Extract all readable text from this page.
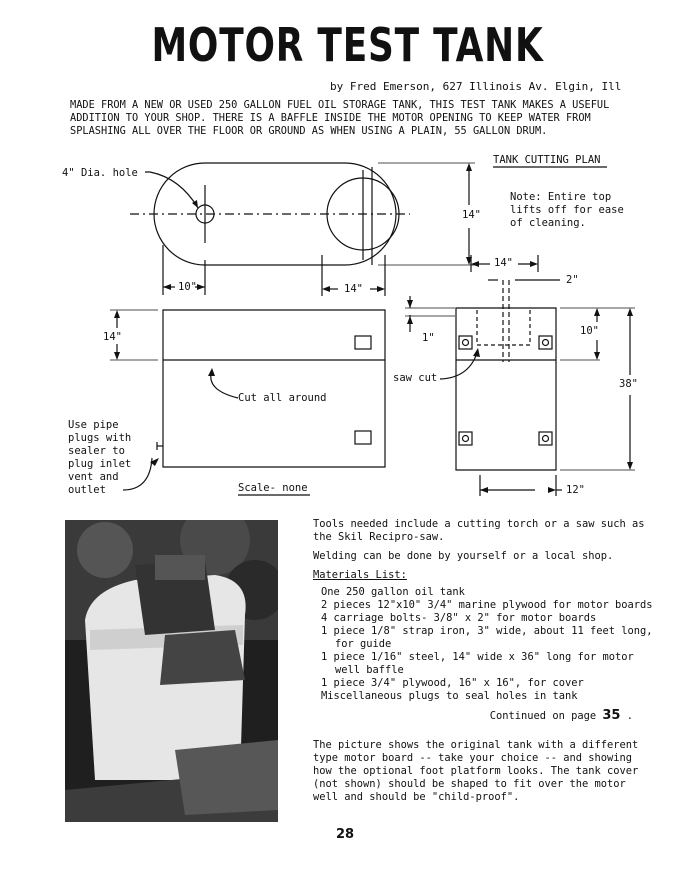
MOTOR TEST TANK
by Fred Emerson, 627 Illinois Av. Elgin, Ill
MADE FROM A NEW OR USED 250 GALLON FUEL OIL STORAGE TANK, THIS TEST TANK MAKES A USEFUL
ADDITION TO YOUR SHOP. THERE IS A BAFFLE INSIDE THE MOTOR OPENING TO KEEP WATER FROM
SPLASHING ALL OVER THE FLOOR OR GROUND AS WHEN USING A PLAIN, 55 GALLON DRUM.
TANK CUTTING PLAN
4" Dia. hole
14"
Note: Entire top
lifts off for ease
of cleaning.
10"	14"
14"
2"
1"
10"
38"
12"
14"
saw cut
Cut all around
Use pipe
plugs with
sealer to
plug inlet
vent and
outlet	Scale- none

Tools needed include a cutting torch or a saw such as the Skil Recipro-saw.

Welding can be done by yourself or a local shop.

Materials List:
One 250 gallon oil tank
2 pieces 12"x10" 3/4" marine plywood for motor boards
4 carriage bolts- 3/8" x 2" for motor boards
1 piece 1/8" strap iron, 3" wide, about 11 feet long, for guide
1 piece 1/16" steel, 14" wide x 36" long for motor well baffle
1 piece 3/4" plywood, 16" x 16", for cover
Miscellaneous plugs to seal holes in tank
Continued on page 35 .

The picture shows the original tank with a different type motor board -- take your choice -- and showing how the optional foot platform looks. The tank cover (not shown) should be shaped to fit over the motor well and should be "child-proof".

28
